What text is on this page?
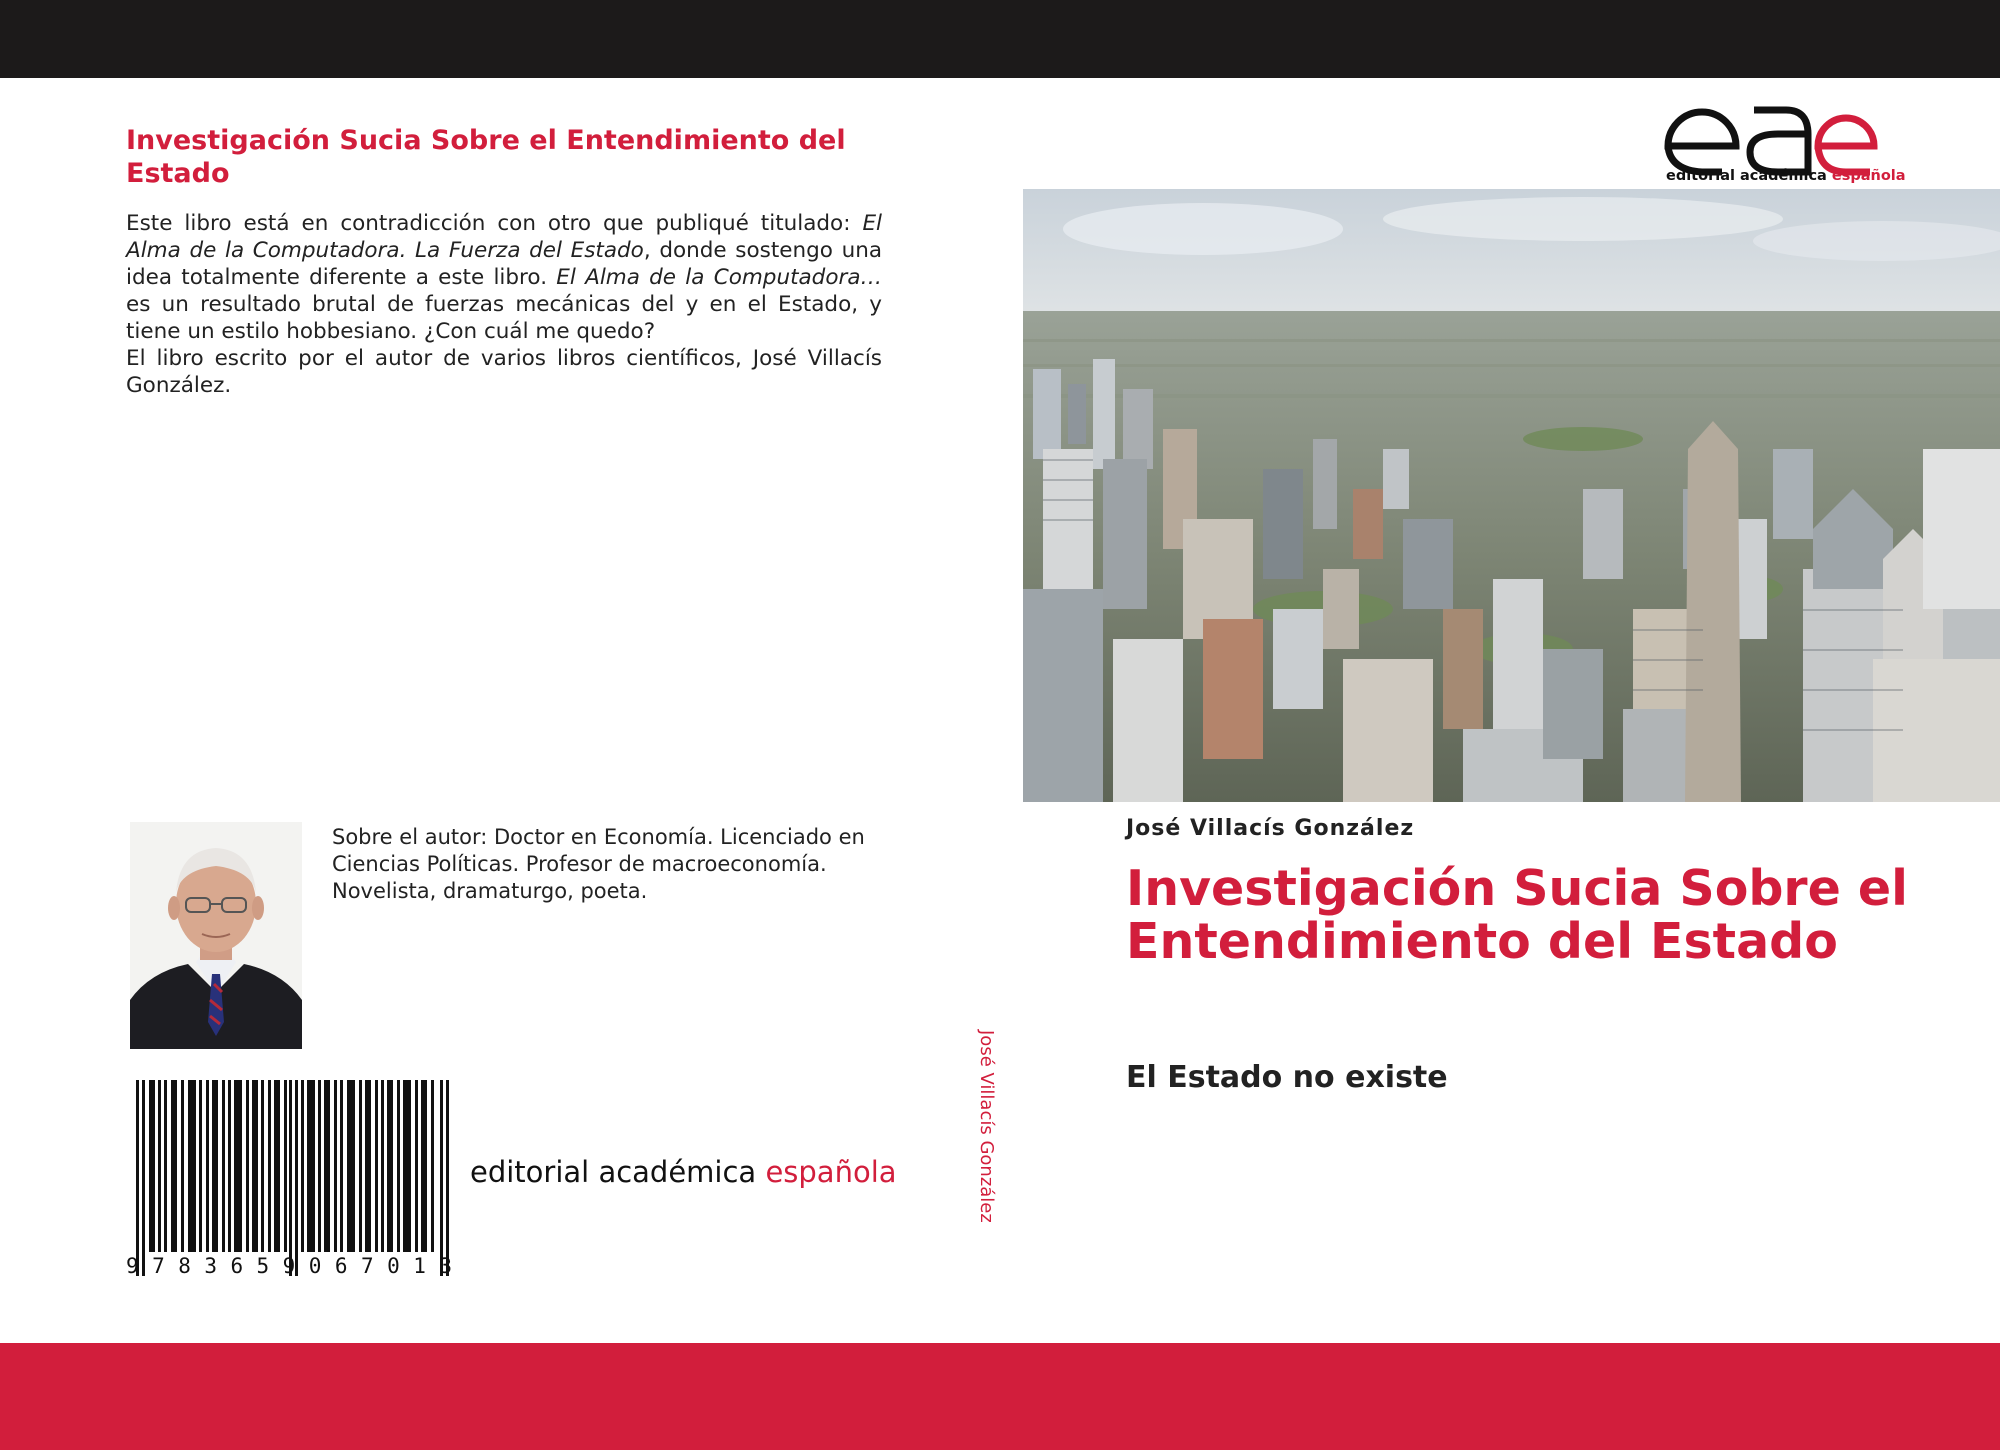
Investigación Sucia Sobre el Entendimiento del Estado

Este libro está en contradicción con otro que publiqué titulado: El Alma de la Computadora. La Fuerza del Estado, donde sostengo una idea totalmente diferente a este libro. El Alma de la Computadora… es un resultado brutal de fuerzas mecánicas del y en el Estado, y tiene un estilo hobbesiano. ¿Con cuál me quedo?

El libro escrito por el autor de varios libros científicos, José Villacís González.

Sobre el autor: Doctor en Economía. Licenciado en Ciencias Políticas. Profesor de macroeconomía. Novelista, dramaturgo, poeta.

9 7 8 3 6 5 9 0 6 7 0 1 3
editorial académica española	José Villacís González
editorial académica española
José Villacís González
Investigación Sucia Sobre el Entendimiento del Estado
El Estado no existe
